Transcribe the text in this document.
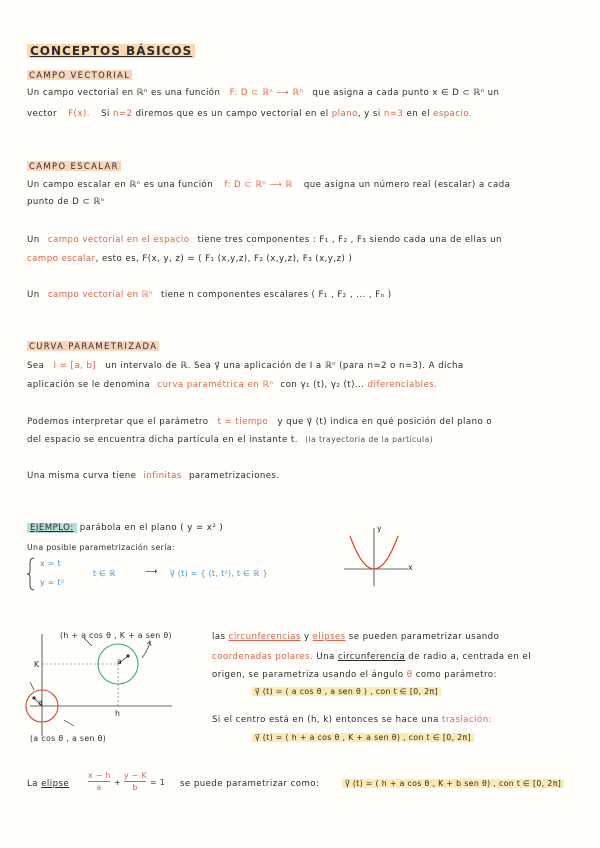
CONCEPTOS BÁSICOS
CAMPO VECTORIAL
Un campo vectorial en ℝⁿ es una función F: D ⊂ ℝⁿ ⟶ ℝⁿ que asigna a cada punto x ∈ D ⊂ ℝⁿ un
vector F(x). Si n=2 diremos que es un campo vectorial en el plano, y si n=3 en el espacio.
CAMPO ESCALAR
Un campo escalar en ℝⁿ es una función f: D ⊂ ℝⁿ ⟶ ℝ que asigna un número real (escalar) a cada
punto de D ⊂ ℝⁿ
Un campo vectorial en el espacio tiene tres componentes : F₁ , F₂ , F₃ siendo cada una de ellas un
campo escalar, esto es, F(x, y, z) = ( F₁ (x,y,z), F₂ (x,y,z), F₃ (x,y,z) )
Un campo vectorial en ℝⁿ tiene n componentes escalares ( F₁ , F₂ , ... , Fₙ )
CURVA PARAMETRIZADA
Sea I = [a, b] un intervalo de ℝ. Sea γ⃗ una aplicación de I a ℝⁿ (para n=2 o n=3). A dicha
aplicación se le denomina curva paramétrica en ℝⁿ con γ₁ (t), γ₂ (t)... diferenciables.
Podemos interpretar que el parámetro t = tiempo y que γ⃗ (t) indica en qué posición del plano o
del espacio se encuentra dicha partícula en el instante t. (la trayectoria de la partícula)
Una misma curva tiene infinitas parametrizaciones.
EJEMPLO: parábola en el plano ( y = x² )
Una posible parametrización sería:
x = t
y = t²
t ∈ ℝ	⟶ γ⃗ (t) = { (t, t²), t ∈ ℝ }
y
x
(h + a cos θ , K + a sen θ)
(a cos θ , a sen θ)
K
h
a
a
las circunferencias y elipses se pueden parametrizar usando
coordenadas polares. Una circunferencia de radio a, centrada en el
origen, se parametriza usando el ángulo θ como parámetro:
γ⃗ (t) = ( a cos θ , a sen θ ) , con t ∈ [0, 2π]
Si el centro está en (h, k) entonces se hace una traslación:
γ⃗ (t) = ( h + a cos θ , K + a sen θ) , con t ∈ [0, 2π]
La elipse
x − h
a
+
y − K
b
= 1 se puede parametrizar como:	γ⃗ (t) = ( h + a cos θ , K + b sen θ) , con t ∈ [0, 2π]
